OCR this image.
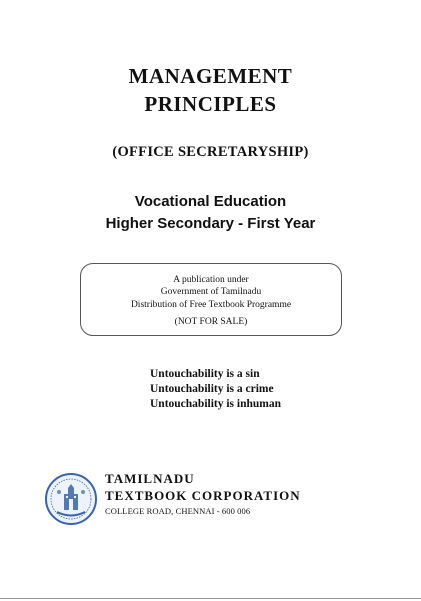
MANAGEMENT
PRINCIPLES
(OFFICE SECRETARYSHIP)
Vocational Education
Higher Secondary - First Year
A publication under
Government of Tamilnadu
Distribution of Free Textbook Programme
(NOT FOR SALE)
Untouchability is a sin
Untouchability is a crime
Untouchability is inhuman
TAMILNADU
TEXTBOOK CORPORATION
COLLEGE ROAD, CHENNAI - 600 006
